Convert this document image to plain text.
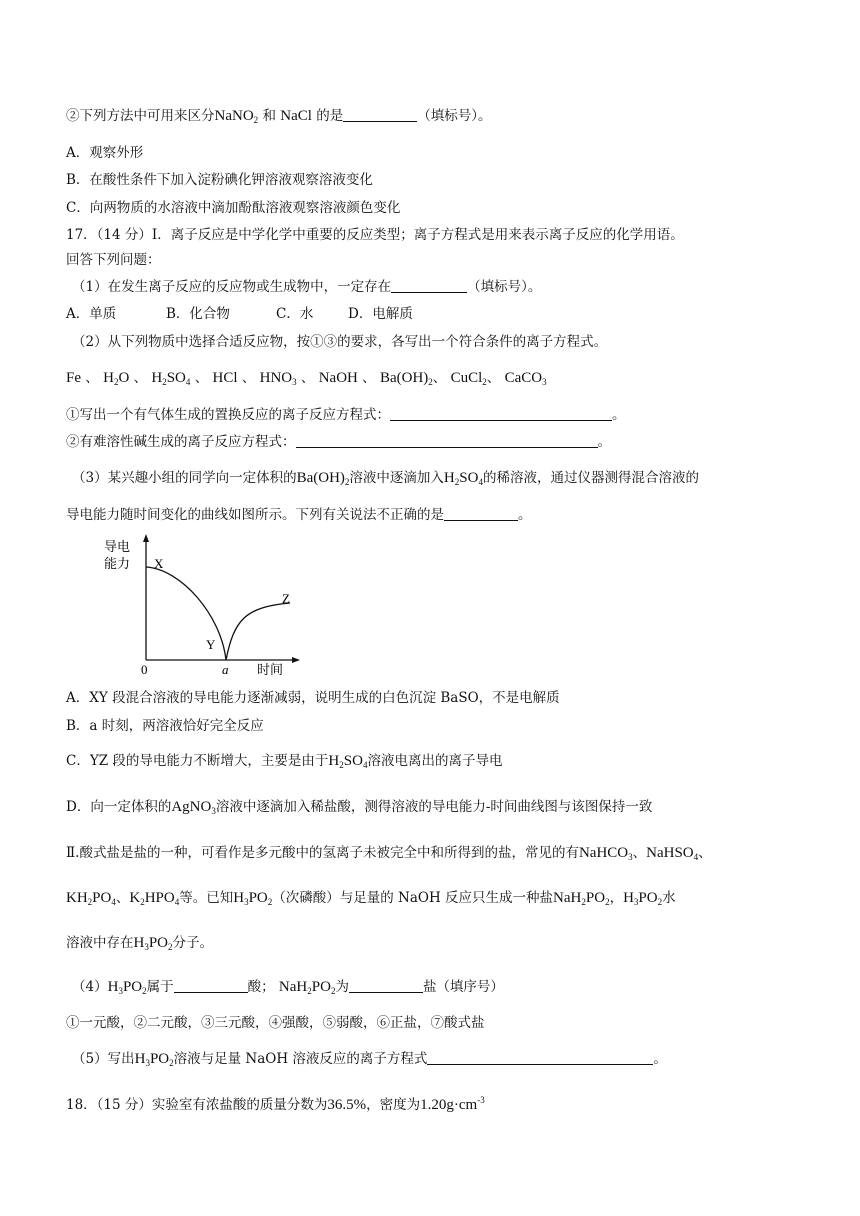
②下列方法中可用来区分NaNO$_2$ 和 NaCl 的是	（填标号）。
A．观察外形
B．在酸性条件下加入淀粉碘化钾溶液观察溶液变化
C．向两物质的水溶液中滴加酚酞溶液观察溶液颜色变化
17．（14 分）I．离子反应是中学化学中重要的反应类型；离子方程式是用来表示离子反应的化学用语。
回答下列问题：
（1）在发生离子反应的反应物或生成物中，一定存在	（填标号）。
A．单质	B．化合物	C．水	D．电解质
（2）从下列物质中选择合适反应物，按①③的要求，各写出一个符合条件的离子方程式。
Fe 、 $H_2O$ 、 $H_2SO_4$ 、 HCl 、 $HNO_3$ 、 NaOH 、 $Ba(OH)_2$、 CuCl$_2$、 CaCO$_3$
①写出一个有气体生成的置换反应的离子反应方程式：	。
②有难溶性碱生成的离子反应方程式：	。
（3）某兴趣小组的同学向一定体积的$Ba(OH)_2$溶液中逐滴加入$H_2SO_4$的稀溶液，通过仪器测得混合溶液的
导电能力随时间变化的曲线如图所示。下列有关说法不正确的是	。
导电
能力 X
Y
Z
0	a 时间
A．XY 段混合溶液的导电能力逐渐减弱，说明生成的白色沉淀 BaSO，不是电解质
B．a 时刻，两溶液恰好完全反应
C．YZ 段的导电能力不断增大，主要是由于$H_2SO_4$溶液电离出的离子导电
D．向一定体积的AgNO$_3$溶液中逐滴加入稀盐酸，测得溶液的导电能力-时间曲线图与该图保持一致
Ⅱ.酸式盐是盐的一种，可看作是多元酸中的氢离子未被完全中和所得到的盐，常见的有NaHCO$_3$、NaHSO$_4$、
$KH_2PO_4$、$K_2HPO_4$等。已知$H_3PO_2$（次磷酸）与足量的 NaOH 反应只生成一种盐$NaH_2PO_2$，$H_3PO_2$水
溶液中存在$H_3PO_2$分子。
$(4)H_3PO_2$属于	酸； $NaH_2PO_2$为	盐（填序号）
①一元酸，②二元酸，③三元酸，④强酸，⑤弱酸，⑥正盐，⑦酸式盐
（5）写出$H_3PO_2$溶液与足量 NaOH 溶液反应的离子方程式	。
18．（15 分）实验室有浓盐酸的质量分数为36.5%，密度为$1.20g\cdot cm^{-3}$
